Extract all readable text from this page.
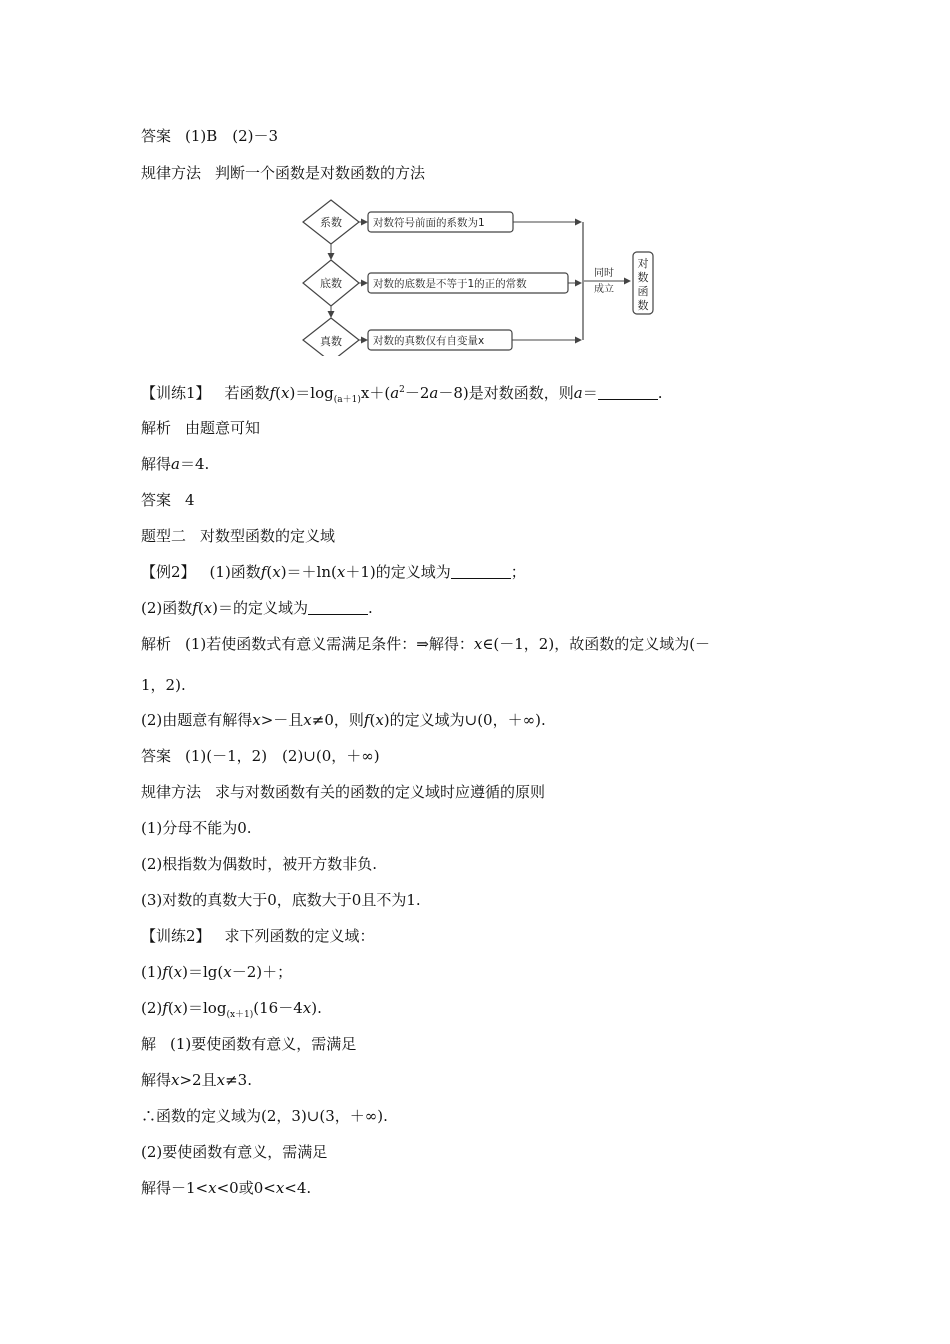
答案 (1)B　(2)－3
规律方法 判断一个函数是对数函数的方法
系数
底数
真数
对数符号前面的系数为1
对数的底数是不等于1的正的常数
对数的真数仅有自变量x
同时
成立
对
数
函
数
【训练1】 若函数$f(x)=\log_{(a+1)}x+(a^2-2a-8)$是对数函数，则a＝	.
解析 由题意可知
解得a＝4.
答案 4
题型二 对数型函数的定义域
【例2】 (1)函数f(x)＝＋ln(x＋1)的定义域为	；
(2)函数f(x)＝的定义域为	.
解析 (1)若使函数式有意义需满足条件：⇒解得：x∈(－1，2)，故函数的定义域为(－
1，2).
(2)由题意有解得x>－且x≠0，则f(x)的定义域为∪(0，＋∞).
答案 (1)(－1，2)　(2)∪(0，＋∞)
规律方法 求与对数函数有关的函数的定义域时应遵循的原则
(1)分母不能为0.
(2)根指数为偶数时，被开方数非负.
(3)对数的真数大于0，底数大于0且不为1.
【训练2】 求下列函数的定义域：
(1)f(x)＝lg(x－2)＋；
$(2)f(x)=\log_{(x+1)}(16-4x)$.
解 (1)要使函数有意义，需满足
解得x>2且x≠3.
∴函数的定义域为(2，3)∪(3，＋∞).
(2)要使函数有意义，需满足
解得－1<x<0或0<x<4.
